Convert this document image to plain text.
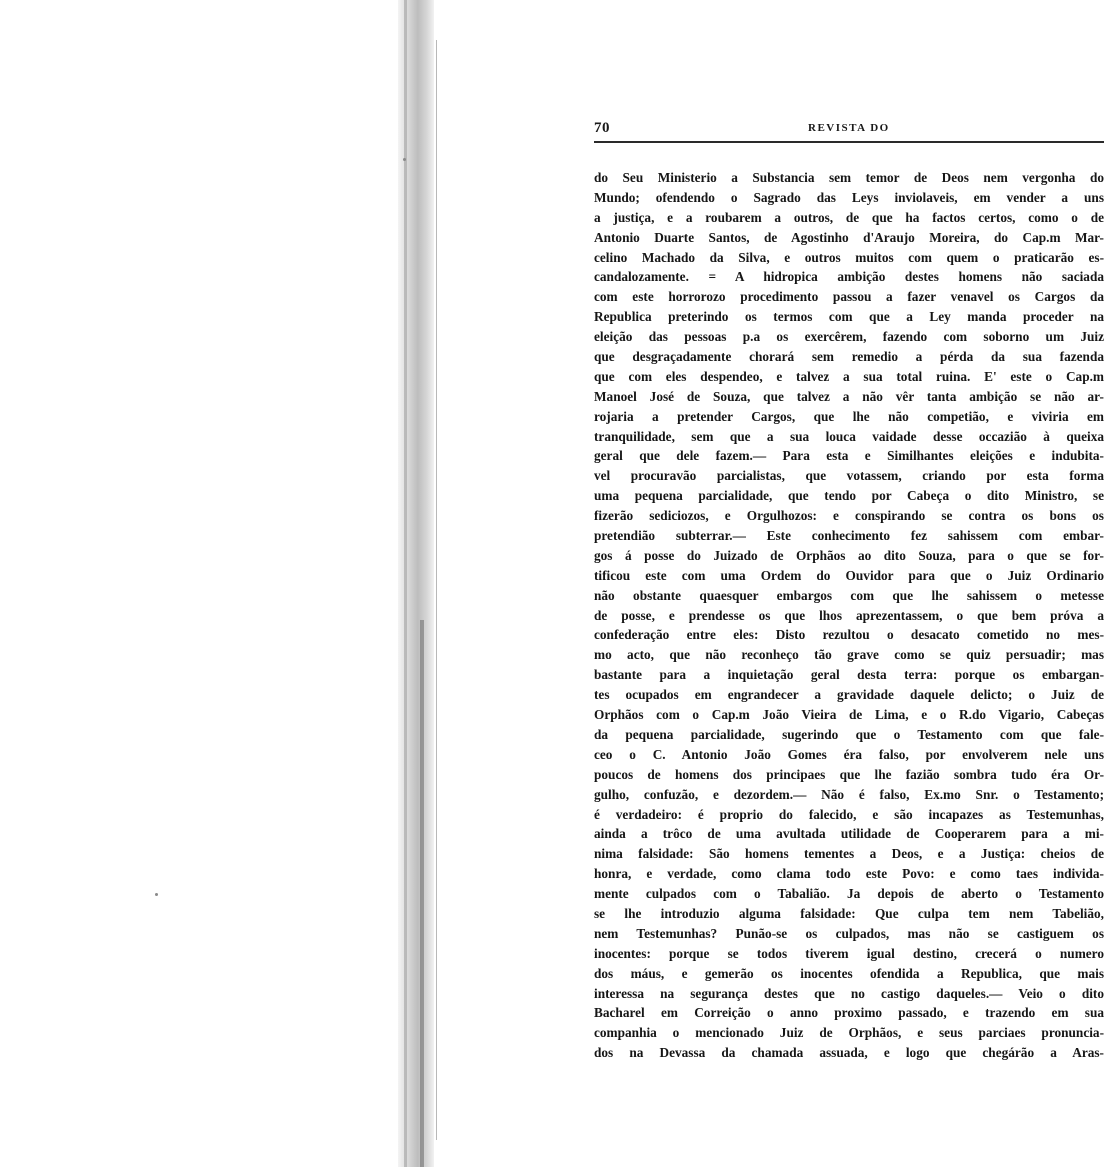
70	REVISTA DO
do Seu Ministerio a Substancia sem temor de Deos nem vergonha do
Mundo; ofendendo o Sagrado das Leys inviolaveis, em vender a uns
a justiça, e a roubarem a outros, de que ha factos certos, como o de
Antonio Duarte Santos, de Agostinho d'Araujo Moreira, do Cap.m Mar-
celino Machado da Silva, e outros muitos com quem o praticarão es-
candalozamente. = A hidropica ambição destes homens não saciada
com este horrorozo procedimento passou a fazer venavel os Cargos da
Republica preterindo os termos com que a Ley manda proceder na
eleição das pessoas p.a os exercêrem, fazendo com soborno um Juiz
que desgraçadamente chorará sem remedio a pérda da sua fazenda
que com eles despendeo, e talvez a sua total ruina. E' este o Cap.m
Manoel José de Souza, que talvez a não vêr tanta ambição se não ar-
rojaria a pretender Cargos, que lhe não competião, e viviria em
tranquilidade, sem que a sua louca vaidade desse occazião à queixa
geral que dele fazem.— Para esta e Similhantes eleições e indubita-
vel procuravão parcialistas, que votassem, criando por esta forma
uma pequena parcialidade, que tendo por Cabeça o dito Ministro, se
fizerão sediciozos, e Orgulhozos: e conspirando se contra os bons os
pretendião subterrar.— Este conhecimento fez sahissem com embar-
gos á posse do Juizado de Orphãos ao dito Souza, para o que se for-
tificou este com uma Ordem do Ouvidor para que o Juiz Ordinario
não obstante quaesquer embargos com que lhe sahissem o metesse
de posse, e prendesse os que lhos aprezentassem, o que bem próva a
confederação entre eles: Disto rezultou o desacato cometido no mes-
mo acto, que não reconheço tão grave como se quiz persuadir; mas
bastante para a inquietação geral desta terra: porque os embargan-
tes ocupados em engrandecer a gravidade daquele delicto; o Juiz de
Orphãos com o Cap.m João Vieira de Lima, e o R.do Vigario, Cabeças
da pequena parcialidade, sugerindo que o Testamento com que fale-
ceo o C. Antonio João Gomes éra falso, por envolverem nele uns
poucos de homens dos principaes que lhe fazião sombra tudo éra Or-
gulho, confuzão, e dezordem.— Não é falso, Ex.mo Snr. o Testamento;
é verdadeiro: é proprio do falecido, e são incapazes as Testemunhas,
ainda a trôco de uma avultada utilidade de Cooperarem para a mi-
nima falsidade: São homens tementes a Deos, e a Justiça: cheios de
honra, e verdade, como clama todo este Povo: e como taes individa-
mente culpados com o Tabalião. Ja depois de aberto o Testamento
se lhe introduzio alguma falsidade: Que culpa tem nem Tabelião,
nem Testemunhas? Punão-se os culpados, mas não se castiguem os
inocentes: porque se todos tiverem igual destino, crecerá o numero
dos máus, e gemerão os inocentes ofendida a Republica, que mais
interessa na segurança destes que no castigo daqueles.— Veio o dito
Bacharel em Correição o anno proximo passado, e trazendo em sua
companhia o mencionado Juiz de Orphãos, e seus parciaes pronuncia-
dos na Devassa da chamada assuada, e logo que chegárão a Aras-
